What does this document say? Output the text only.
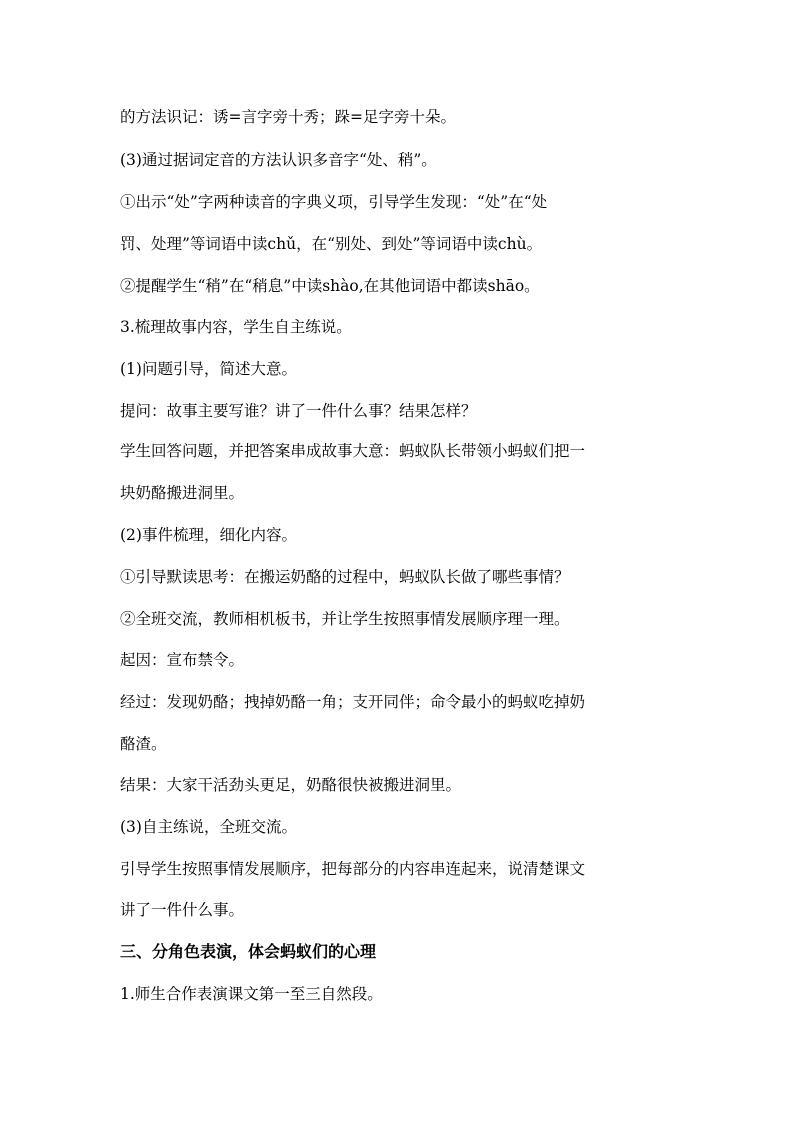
的方法识记：诱=言字旁十秀；跺=足字旁十朵。
(3)通过据词定音的方法认识多音字“处、稍”。
①出示“处”字两种读音的字典义项，引导学生发现：“处”在“处
罚、处理”等词语中读chǔ，在“别处、到处”等词语中读chù。
②提醒学生“稍”在“稍息”中读shào,在其他词语中都读shāo。
3.梳理故事内容，学生自主练说。
(1)问题引导，简述大意。
提问：故事主要写谁？讲了一件什么事？结果怎样？
学生回答问题，并把答案串成故事大意：蚂蚁队长带领小蚂蚁们把一
块奶酪搬进洞里。
(2)事件梳理，细化内容。
①引导默读思考：在搬运奶酪的过程中，蚂蚁队长做了哪些事情？
②全班交流，教师相机板书，并让学生按照事情发展顺序理一理。
起因：宣布禁令。
经过：发现奶酪；拽掉奶酪一角；支开同伴；命令最小的蚂蚁吃掉奶
酪渣。
结果：大家干活劲头更足，奶酪很快被搬进洞里。
(3)自主练说，全班交流。
引导学生按照事情发展顺序，把每部分的内容串连起来，说清楚课文
讲了一件什么事。
三、分角色表演，体会蚂蚁们的心理
1.师生合作表演课文第一至三自然段。
